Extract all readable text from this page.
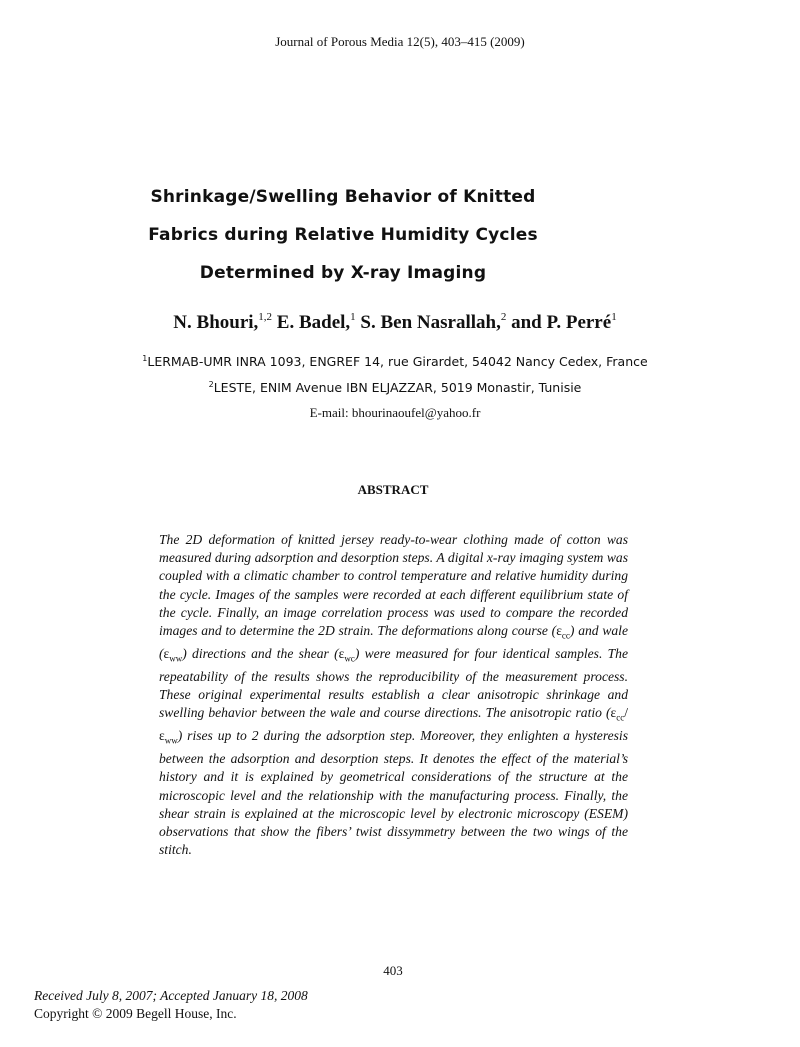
Journal of Porous Media 12(5), 403–415 (2009)
Shrinkage/Swelling Behavior of Knitted
Fabrics during Relative Humidity Cycles
Determined by X-ray Imaging
N. Bhouri,$^{1,2}$ E. Badel,$^1$ S. Ben Nasrallah,$^2$ and P. Perré$^1$
$^1$LERMAB-UMR INRA 1093, ENGREF 14, rue Girardet, 54042 Nancy Cedex, France
$^2$LESTE, ENIM Avenue IBN ELJAZZAR, 5019 Monastir, Tunisie
E-mail: bhourinaoufel@yahoo.fr
ABSTRACT

The 2D deformation of knitted jersey ready-to-wear clothing made of cotton was measured during adsorption and desorption steps. A digital x-ray imaging system was coupled with a climatic chamber to control temperature and relative humidity during the cycle. Images of the samples were recorded at each different equilibrium state of the cycle. Finally, an image correlation process was used to compare the recorded images and to determine the 2D strain. The deformations along course $(\varepsilon_{cc})$ and wale $(\varepsilon_{ww})$ directions and the shear $(\varepsilon_{wc})$ were measured for four identical samples. The repeatability of the results shows the reproducibility of the measurement process. These original experimental results establish a clear anisotropic shrinkage and swelling behavior between the wale and course directions. The anisotropic ratio $(\varepsilon_{cc}/\varepsilon_{ww})$ rises up to 2 during the adsorption step. Moreover, they enlighten a hysteresis between the adsorption and desorption steps. It denotes the effect of the material’s history and it is explained by geometrical considerations of the structure at the microscopic level and the relationship with the manufacturing process. Finally, the shear strain is explained at the microscopic level by electronic microscopy (ESEM) observations that show the fibers’ twist dissymmetry between the two wings of the stitch.

403
Received July 8, 2007; Accepted January 18, 2008
Copyright © 2009 Begell House, Inc.
